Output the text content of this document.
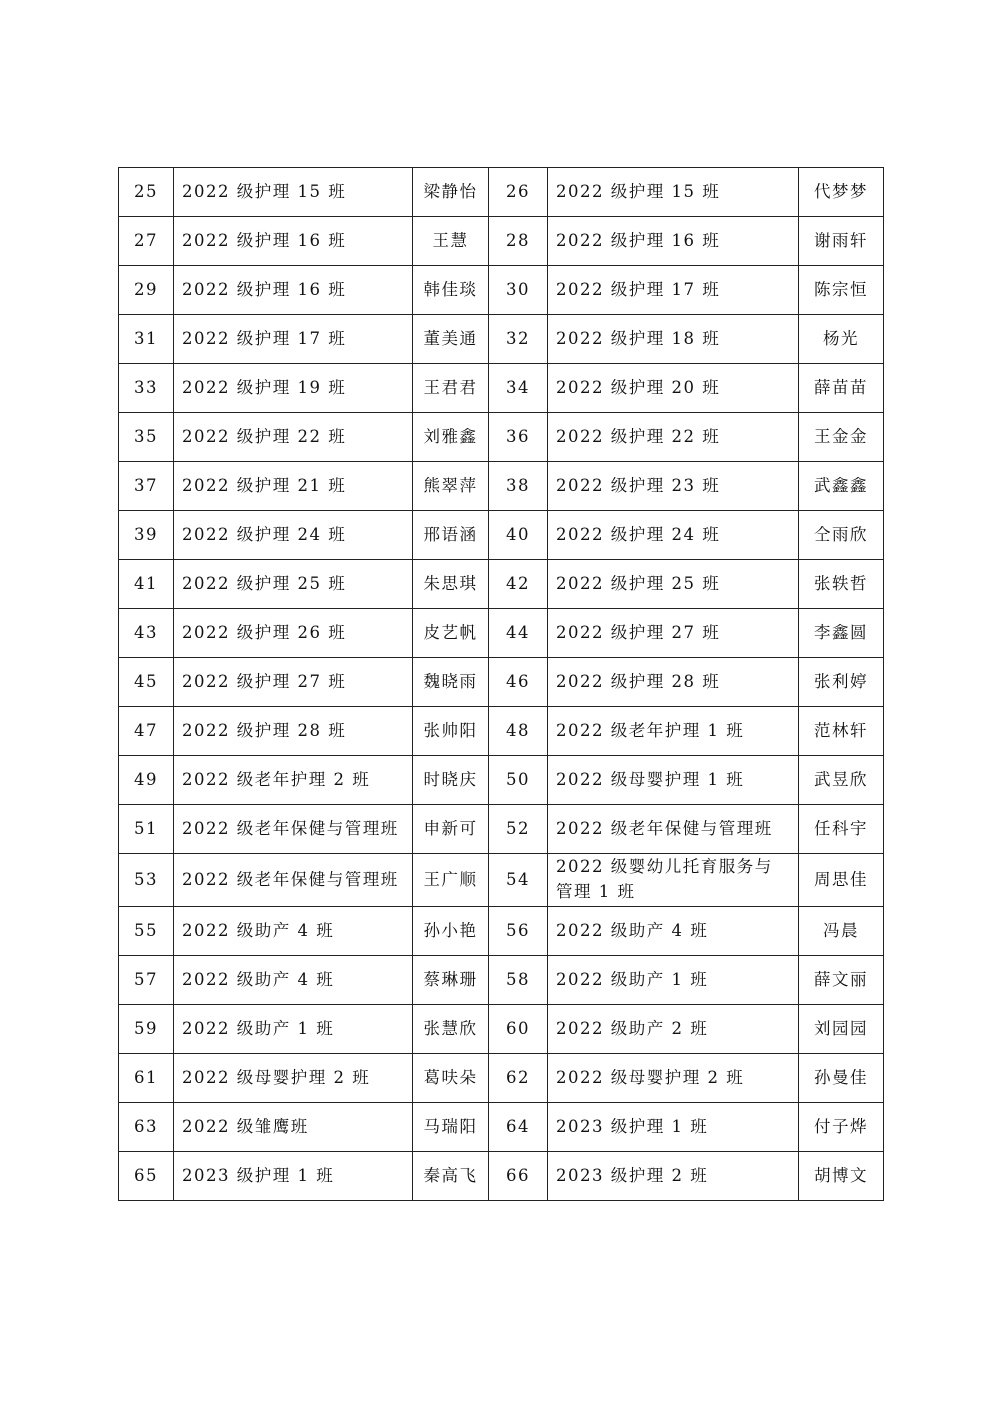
25	2022 级护理 15 班	梁静怡	26	2022 级护理 15 班	代梦梦
27	2022 级护理 16 班	王慧	28	2022 级护理 16 班	谢雨轩
29	2022 级护理 16 班	韩佳琰	30	2022 级护理 17 班	陈宗恒
31	2022 级护理 17 班	董美通	32	2022 级护理 18 班	杨光
33	2022 级护理 19 班	王君君	34	2022 级护理 20 班	薛苗苗
35	2022 级护理 22 班	刘雅鑫	36	2022 级护理 22 班	王金金
37	2022 级护理 21 班	熊翠萍	38	2022 级护理 23 班	武鑫鑫
39	2022 级护理 24 班	邢语涵	40	2022 级护理 24 班	仝雨欣
41	2022 级护理 25 班	朱思琪	42	2022 级护理 25 班	张轶哲
43	2022 级护理 26 班	皮艺帆	44	2022 级护理 27 班	李鑫圆
45	2022 级护理 27 班	魏晓雨	46	2022 级护理 28 班	张利婷
47	2022 级护理 28 班	张帅阳	48	2022 级老年护理 1 班	范林轩
49	2022 级老年护理 2 班	时晓庆	50	2022 级母婴护理 1 班	武昱欣
51	2022 级老年保健与管理班	申新可	52	2022 级老年保健与管理班	任科宇
53	2022 级老年保健与管理班	王广顺	54	2022 级婴幼儿托育服务与管理 1 班	周思佳
55	2022 级助产 4 班	孙小艳	56	2022 级助产 4 班	冯晨
57	2022 级助产 4 班	蔡琳珊	58	2022 级助产 1 班	薛文丽
59	2022 级助产 1 班	张慧欣	60	2022 级助产 2 班	刘园园
61	2022 级母婴护理 2 班	葛呋朵	62	2022 级母婴护理 2 班	孙曼佳
63	2022 级雏鹰班	马瑞阳	64	2023 级护理 1 班	付子烨
65	2023 级护理 1 班	秦高飞	66	2023 级护理 2 班	胡博文
